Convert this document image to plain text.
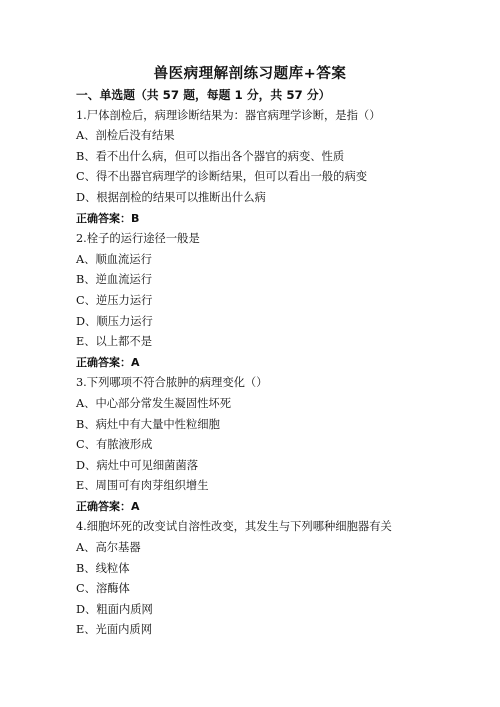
兽医病理解剖练习题库+答案
一、单选题（共 57 题，每题 1 分，共 57 分）
1.尸体剖检后，病理诊断结果为：器官病理学诊断，是指（）
A、剖检后没有结果
B、看不出什么病，但可以指出各个器官的病变、性质
C、得不出器官病理学的诊断结果，但可以看出一般的病变
D、根据剖检的结果可以推断出什么病
正确答案：B
2.栓子的运行途径一般是
A、顺血流运行
B、逆血流运行
C、逆压力运行
D、顺压力运行
E、以上都不是
正确答案：A
3.下列哪项不符合脓肿的病理变化（）
A、中心部分常发生凝固性坏死
B、病灶中有大量中性粒细胞
C、有脓液形成
D、病灶中可见细菌菌落
E、周围可有肉芽组织增生
正确答案：A
4.细胞坏死的改变试自溶性改变，其发生与下列哪种细胞器有关
A、高尔基器
B、线粒体
C、溶酶体
D、粗面内质网
E、光面内质网
